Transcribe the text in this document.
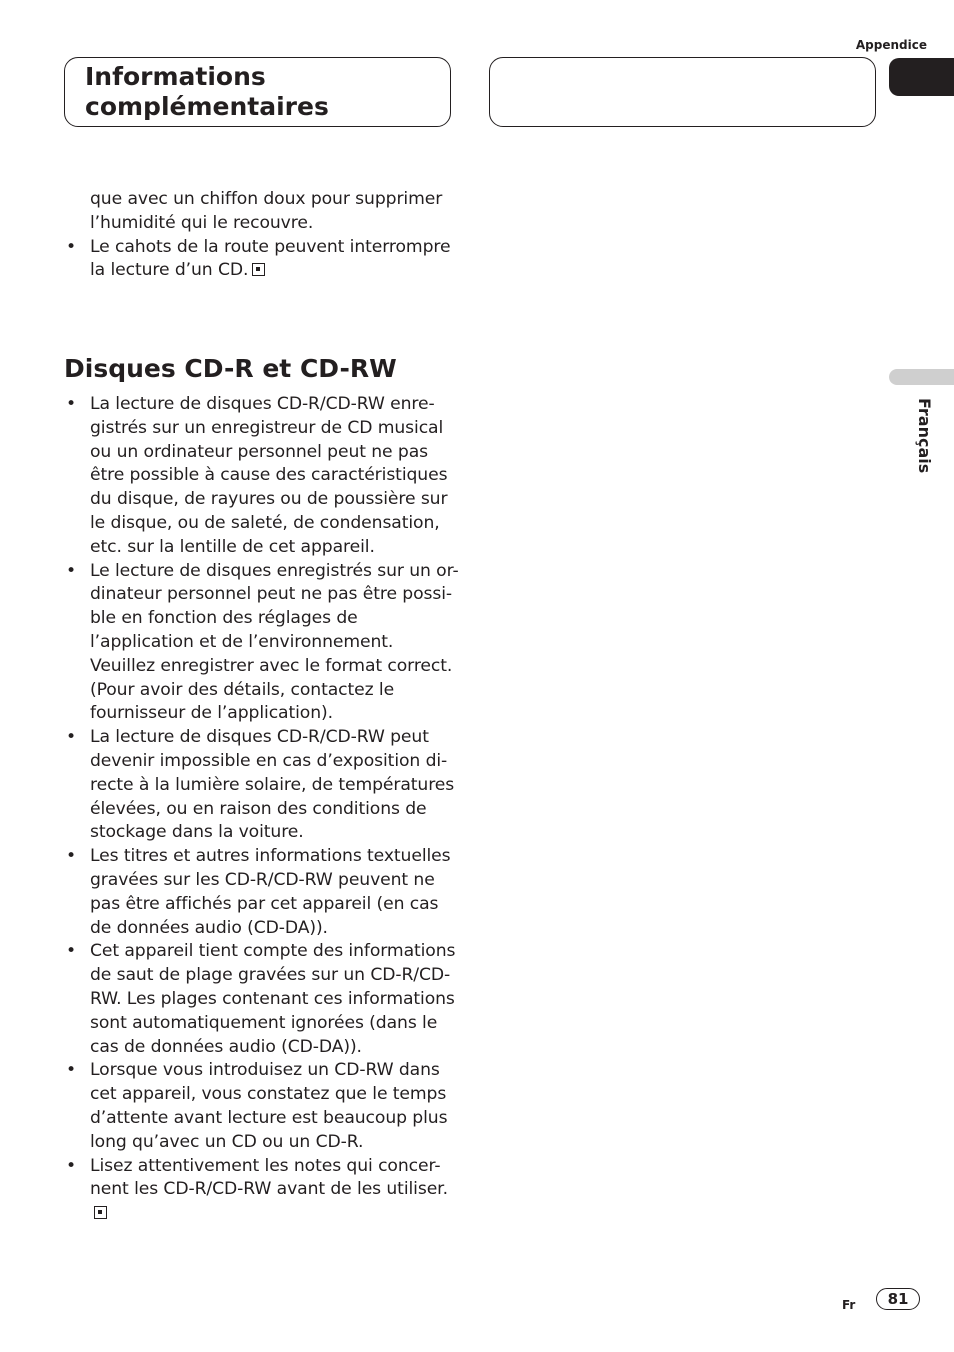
Appendice
Informations
complémentaires

que avec un chiffon doux pour supprimer

l’humidité qui le recouvre.

• Le cahots de la route peuvent interrompre la lecture d’un CD.
Disques CD-R et CD-RW
• La lecture de disques CD-R/CD-RW enre-gistrés sur un enregistreur de CD musical ou un ordinateur personnel peut ne pas être possible à cause des caractéristiques du disque, de rayures ou de poussière sur le disque, ou de saleté, de condensation, etc. sur la lentille de cet appareil.
• Le lecture de disques enregistrés sur un or-dinateur personnel peut ne pas être possi-ble en fonction des réglages de l’application et de l’environnement. Veuillez enregistrer avec le format correct. (Pour avoir des détails, contactez le fournisseur de l’application).
• La lecture de disques CD-R/CD-RW peut devenir impossible en cas d’exposition di-recte à la lumière solaire, de températures élevées, ou en raison des conditions de stockage dans la voiture.
• Les titres et autres informations textuelles gravées sur les CD-R/CD-RW peuvent ne pas être affichés par cet appareil (en cas de données audio (CD-DA)).
• Cet appareil tient compte des informations de saut de plage gravées sur un CD-R/CD-RW. Les plages contenant ces informations sont automatiquement ignorées (dans le cas de données audio (CD-DA)).
• Lorsque vous introduisez un CD-RW dans cet appareil, vous constatez que le temps d’attente avant lecture est beaucoup plus long qu’avec un CD ou un CD-R.
• Lisez attentivement les notes qui concer-nent les CD-R/CD-RW avant de les utiliser.
Français
Fr	81
